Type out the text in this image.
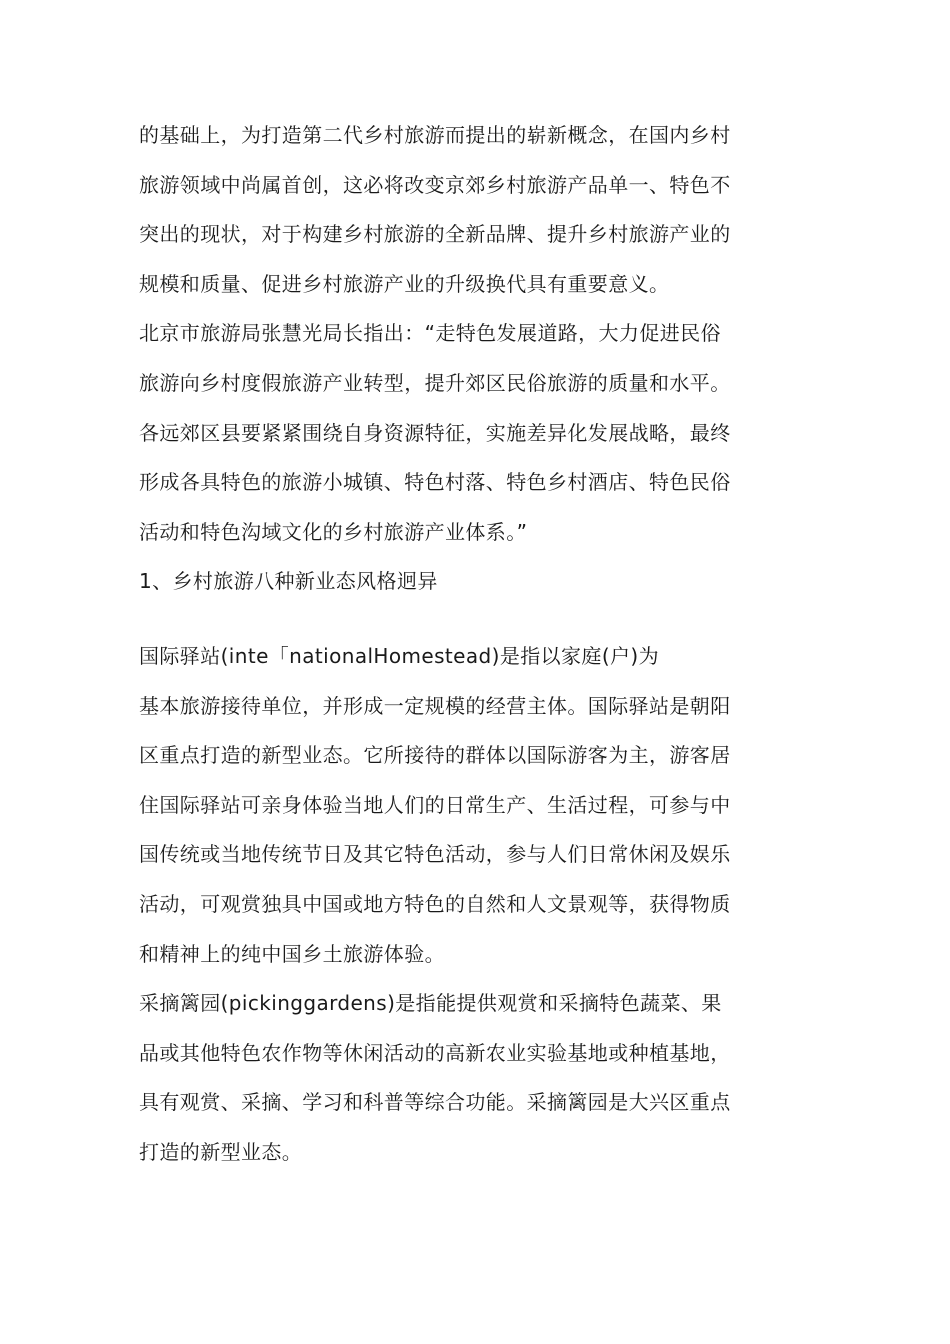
的基础上，为打造第二代乡村旅游而提出的崭新概念，在国内乡村
旅游领域中尚属首创，这必将改变京郊乡村旅游产品单一、特色不
突出的现状，对于构建乡村旅游的全新品牌、提升乡村旅游产业的
规模和质量、促进乡村旅游产业的升级换代具有重要意义。

北京市旅游局张慧光局长指出：“走特色发展道路，大力促进民俗
旅游向乡村度假旅游产业转型，提升郊区民俗旅游的质量和水平。
各远郊区县要紧紧围绕自身资源特征，实施差异化发展战略，最终
形成各具特色的旅游小城镇、特色村落、特色乡村酒店、特色民俗
活动和特色沟域文化的乡村旅游产业体系。”

1、乡村旅游八种新业态风格迥异

国际驿站(inte「nationalHomestead)是指以家庭(户)为
基本旅游接待单位，并形成一定规模的经营主体。国际驿站是朝阳
区重点打造的新型业态。它所接待的群体以国际游客为主，游客居
住国际驿站可亲身体验当地人们的日常生产、生活过程，可参与中
国传统或当地传统节日及其它特色活动，参与人们日常休闲及娱乐
活动，可观赏独具中国或地方特色的自然和人文景观等，获得物质
和精神上的纯中国乡土旅游体验。

采摘篱园(pickinggardens)是指能提供观赏和采摘特色蔬菜、果
品或其他特色农作物等休闲活动的高新农业实验基地或种植基地，
具有观赏、采摘、学习和科普等综合功能。采摘篱园是大兴区重点
打造的新型业态。
